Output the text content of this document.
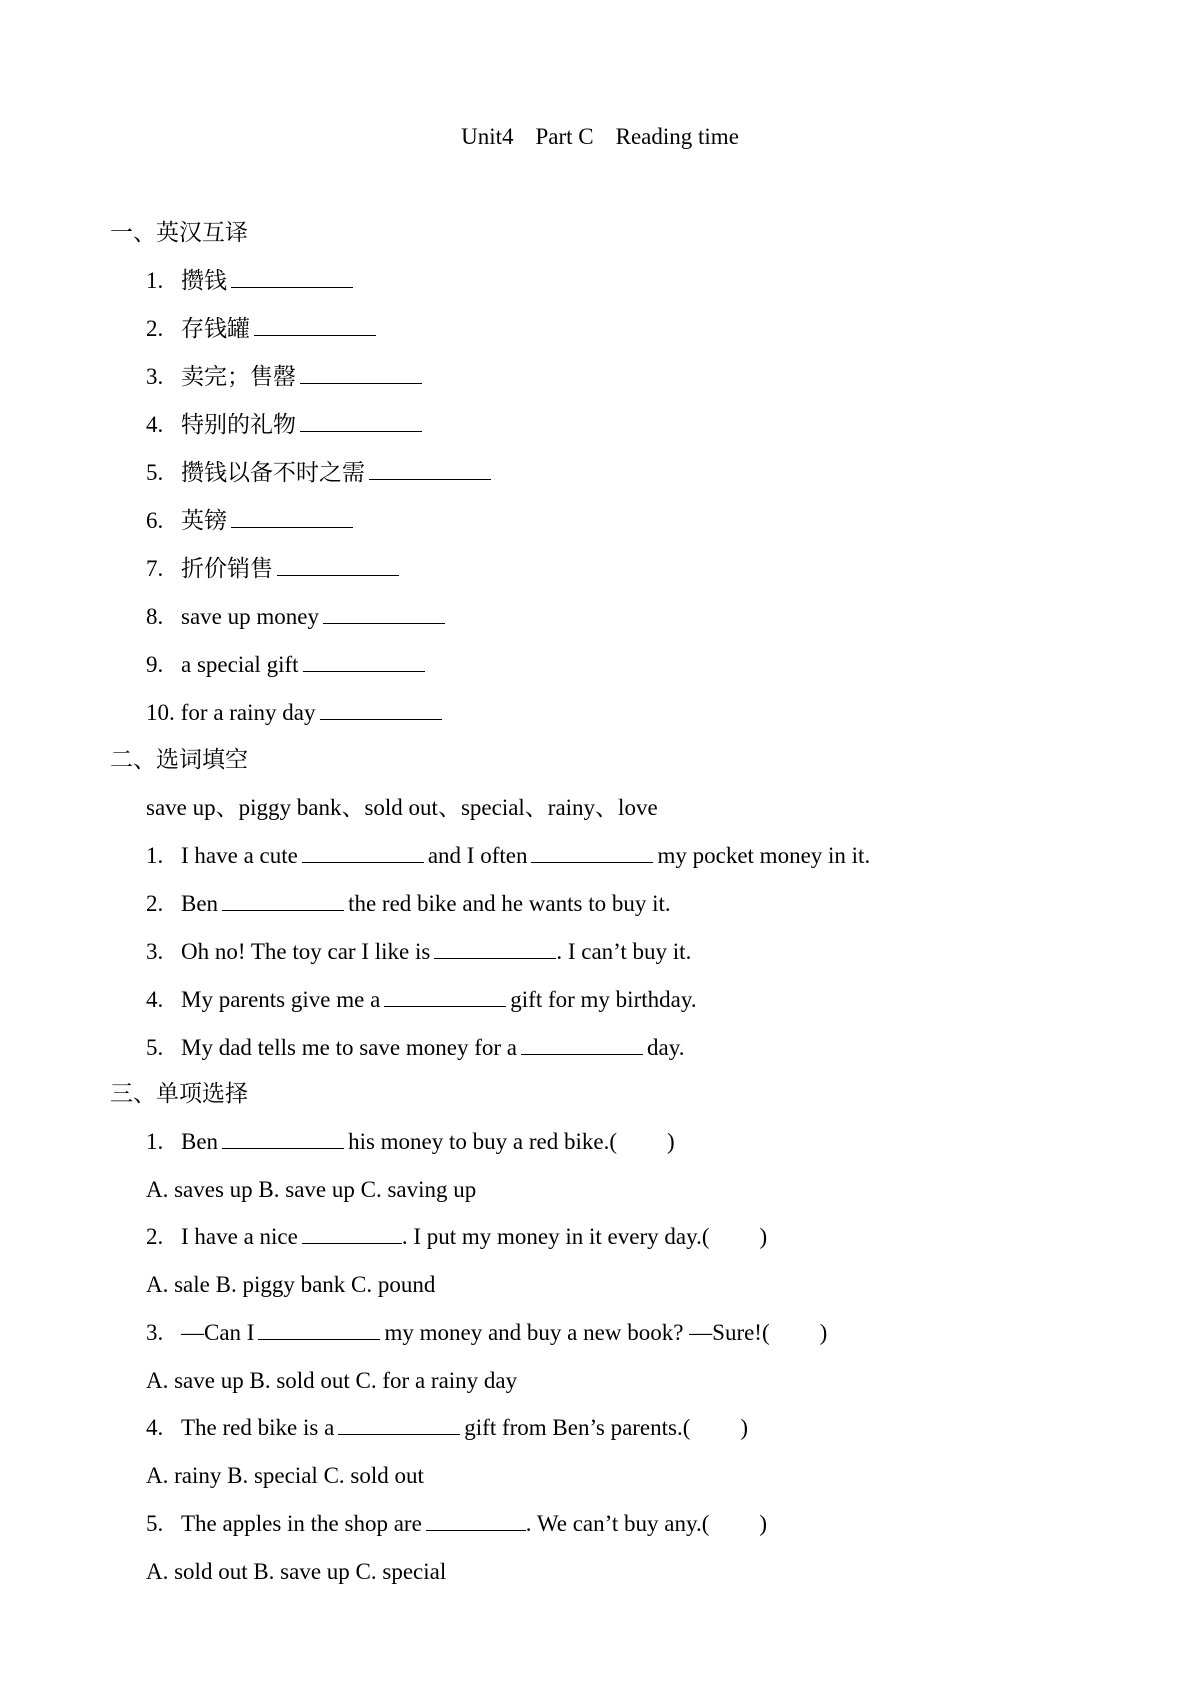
Unit4 Part C Reading time
一、英汉互译
1. 攒钱
2. 存钱罐
3. 卖完；售罄
4. 特别的礼物
5. 攒钱以备不时之需
6. 英镑
7. 折价销售
8. save up money
9. a special gift
10. for a rainy day
二、选词填空
save up、piggy bank、sold out、special、rainy、love
1. I have a cute	and I often	my pocket money in it.
2. Ben	the red bike and he wants to buy it.
3. Oh no! The toy car I like is	. I can’t buy it.
4. My parents give me a	gift for my birthday.
5. My dad tells me to save money for a	day.
三、单项选择
1. Ben	his money to buy a red bike.( )
A. saves up B. save up C. saving up
2. I have a nice	. I put my money in it every day.( )
A. sale B. piggy bank C. pound
3. —Can I	my money and buy a new book? —Sure!( )
A. save up B. sold out C. for a rainy day
4. The red bike is a	gift from Ben’s parents.( )
A. rainy B. special C. sold out
5. The apples in the shop are	. We can’t buy any.( )
A. sold out B. save up C. special
